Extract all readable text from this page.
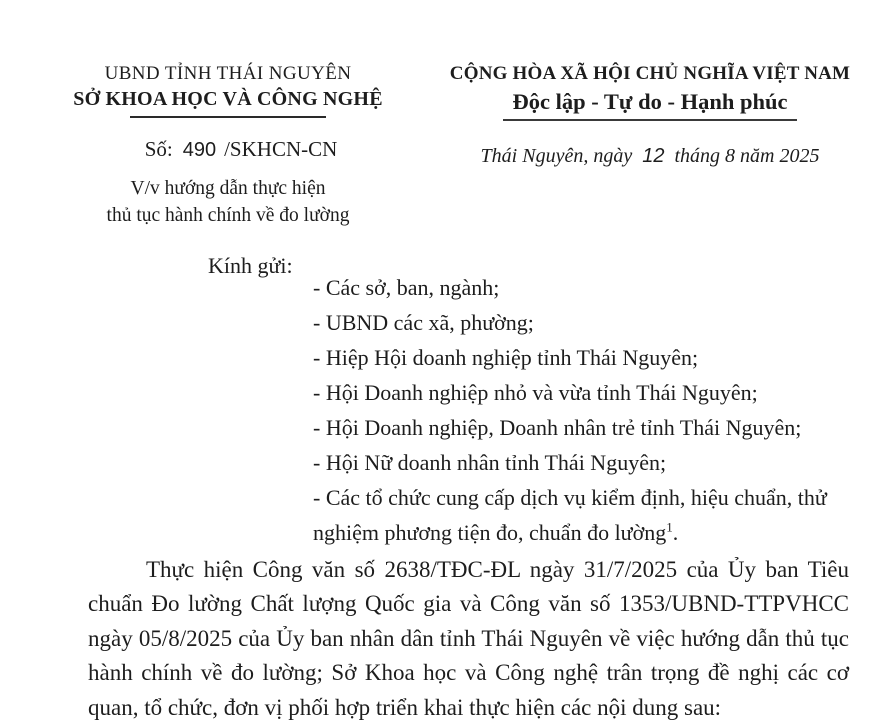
UBND TỈNH THÁI NGUYÊN
SỞ KHOA HỌC VÀ CÔNG NGHỆ
Số: 490 /SKHCN-CN
V/v hướng dẫn thực hiện
thủ tục hành chính về đo lường
CỘNG HÒA XÃ HỘI CHỦ NGHĨA VIỆT NAM
Độc lập - Tự do - Hạnh phúc
Thái Nguyên, ngày 12 tháng 8 năm 2025
Kính gửi:
- Các sở, ban, ngành;
- UBND các xã, phường;
- Hiệp Hội doanh nghiệp tỉnh Thái Nguyên;
- Hội Doanh nghiệp nhỏ và vừa tỉnh Thái Nguyên;
- Hội Doanh nghiệp, Doanh nhân trẻ tỉnh Thái Nguyên;
- Hội Nữ doanh nhân tỉnh Thái Nguyên;
- Các tổ chức cung cấp dịch vụ kiểm định, hiệu chuẩn, thử nghiệm phương tiện đo, chuẩn đo lường$^1$.
Thực hiện Công văn số 2638/TĐC-ĐL ngày 31/7/2025 của Ủy ban Tiêu chuẩn Đo lường Chất lượng Quốc gia và Công văn số 1353/UBND-TTPVHCC ngày 05/8/2025 của Ủy ban nhân dân tỉnh Thái Nguyên về việc hướng dẫn thủ tục hành chính về đo lường; Sở Khoa học và Công nghệ trân trọng đề nghị các cơ quan, tổ chức, đơn vị phối hợp triển khai thực hiện các nội dung sau:
